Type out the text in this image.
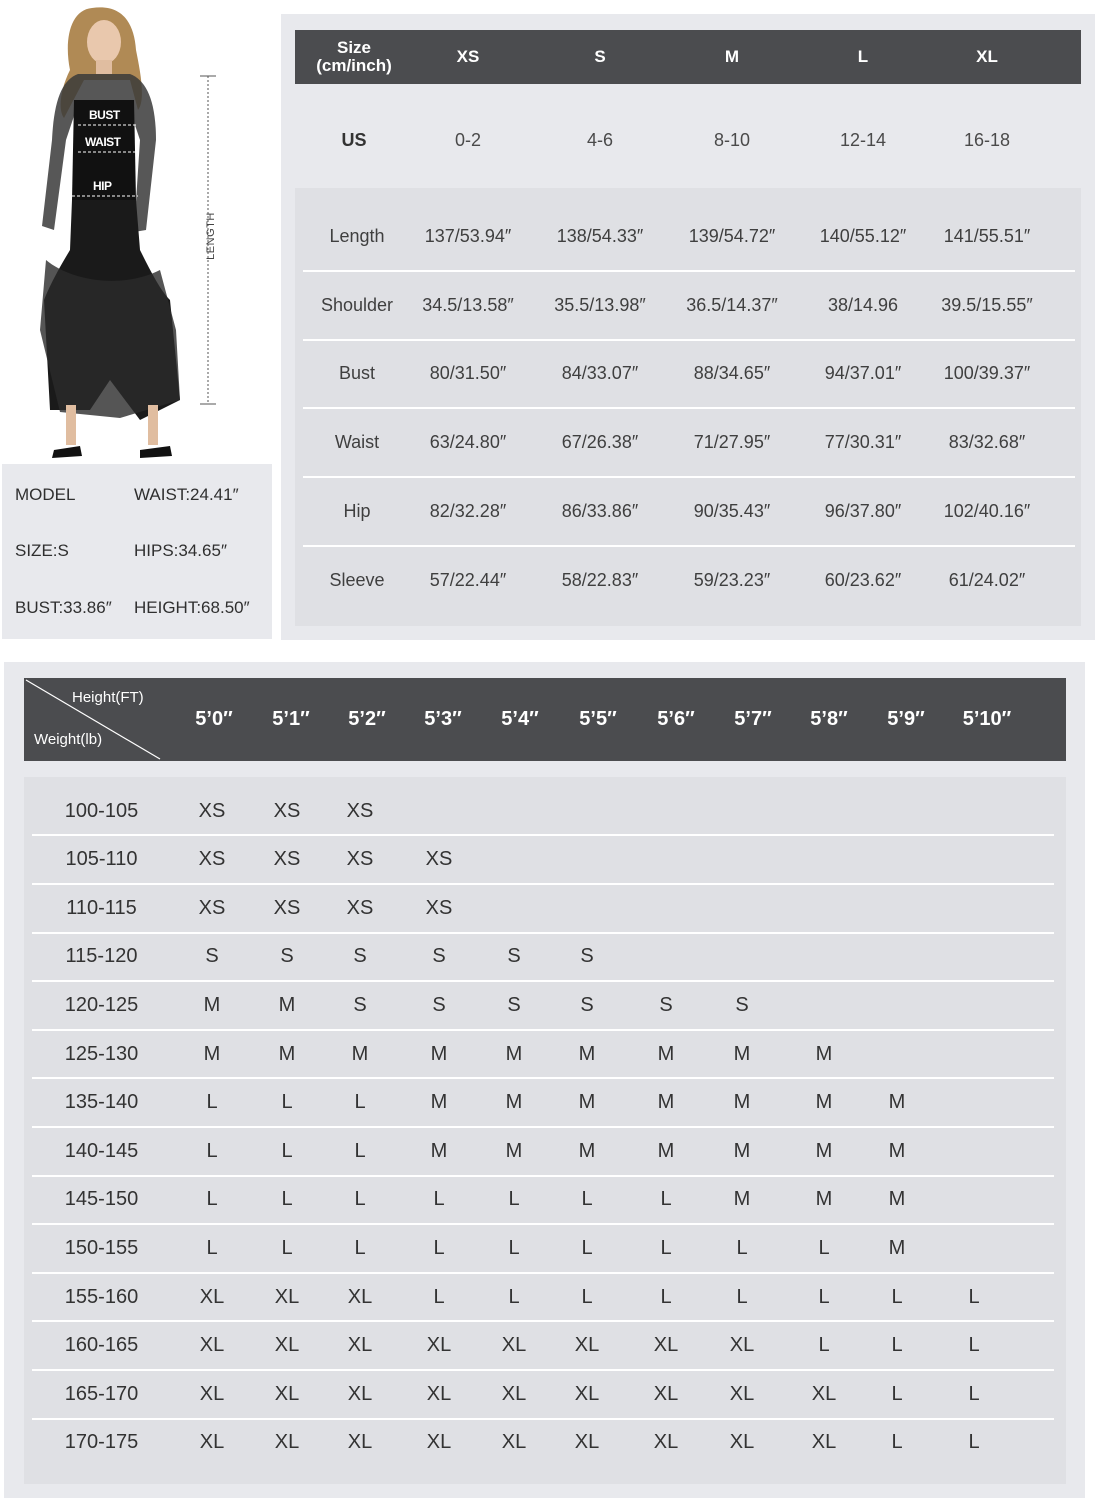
BUST
WAIST
HIP
LENGTH
MODEL	WAIST:24.41″
SIZE:S	HIPS:34.65″
BUST:33.86″ HEIGHT:68.50″
Size
(cm/inch)	XS	S	M	L	XL
US	0-2	4-6	8-10	12-14	16-18
Length	137/53.94″	138/54.33″	139/54.72″	140/55.12″	141/55.51″
Shoulder	34.5/13.58″	35.5/13.98″	36.5/14.37″	38/14.96	39.5/15.55″
Bust	80/31.50″	84/33.07″	88/34.65″	94/37.01″	100/39.37″
Waist	63/24.80″	67/26.38″	71/27.95″	77/30.31″	83/32.68″
Hip	82/32.28″	86/33.86″	90/35.43″	96/37.80″	102/40.16″
Sleeve	57/22.44″	58/22.83″	59/23.23″	60/23.62″	61/24.02″
Height(FT)
Weight(lb)
5’0″	5’1″	5’2″	5’3″	5’4″	5’5″	5’6″	5’7″	5’8″	5’9″	5’10″
100-105	XS	XS	XS
105-110	XS	XS	XS	XS
110-115	XS	XS	XS	XS
115-120	S	S	S	S	S	S
120-125	M	M	S	S	S	S	S	S
125-130	M	M	M	M	M	M	M	M	M
135-140	L	L	L	M	M	M	M	M	M	M
140-145	L	L	L	M	M	M	M	M	M	M
145-150	L	L	L	L	L	L	L	M	M	M
150-155	L	L	L	L	L	L	L	L	L	M
155-160	XL	XL	XL	L	L	L	L	L	L	L	L
160-165	XL	XL	XL	XL	XL	XL	XL	XL	L	L	L
165-170	XL	XL	XL	XL	XL	XL	XL	XL	XL	L	L
170-175	XL	XL	XL	XL	XL	XL	XL	XL	XL	L	L
